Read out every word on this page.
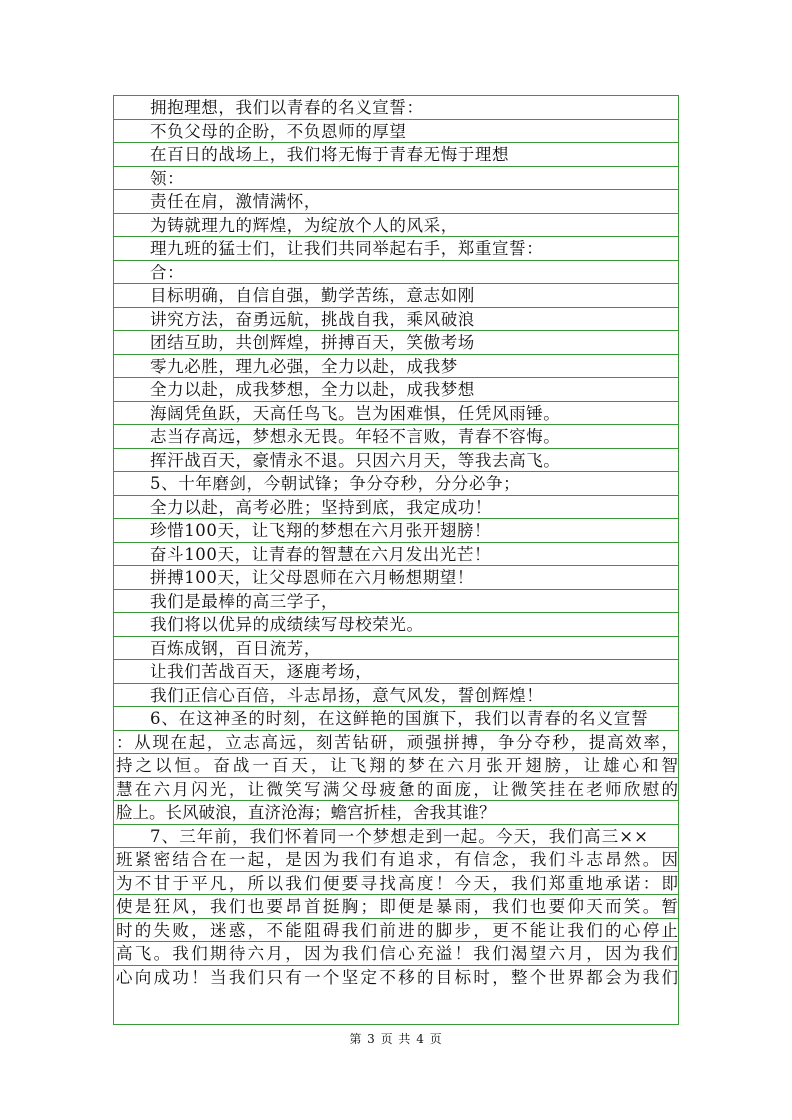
拥抱理想，我们以青春的名义宣誓：
不负父母的企盼，不负恩师的厚望
在百日的战场上，我们将无悔于青春无悔于理想
领：
责任在肩，激情满怀，
为铸就理九的辉煌，为绽放个人的风采，
理九班的猛士们，让我们共同举起右手，郑重宣誓：
合：
目标明确，自信自强，勤学苦练，意志如刚
讲究方法，奋勇远航，挑战自我，乘风破浪
团结互助，共创辉煌，拼搏百天，笑傲考场
零九必胜，理九必强，全力以赴，成我梦
全力以赴，成我梦想，全力以赴，成我梦想
海阔凭鱼跃，天高任鸟飞。岂为困难惧，任凭风雨锤。
志当存高远，梦想永无畏。年轻不言败，青春不容悔。
挥汗战百天，豪情永不退。只因六月天，等我去高飞。
5、十年磨剑，今朝试锋；争分夺秒，分分必争；
全力以赴，高考必胜；坚持到底，我定成功！
珍惜100天，让飞翔的梦想在六月张开翅膀！
奋斗100天，让青春的智慧在六月发出光芒！
拼搏100天，让父母恩师在六月畅想期望！
我们是最棒的高三学子，
我们将以优异的成绩续写母校荣光。
百炼成钢，百日流芳，
让我们苦战百天，逐鹿考场，
我们正信心百倍，斗志昂扬，意气风发，誓创辉煌！
6、在这神圣的时刻，在这鲜艳的国旗下，我们以青春的名义宣誓
：从现在起，立志高远，刻苦钻研，顽强拼搏，争分夺秒，提高效率，
持之以恒。奋战一百天，让飞翔的梦在六月张开翅膀，让雄心和智
慧在六月闪光，让微笑写满父母疲惫的面庞，让微笑挂在老师欣慰的
脸上。长风破浪，直济沧海；蟾宫折桂，舍我其谁？
7、三年前，我们怀着同一个梦想走到一起。今天，我们高三××
班紧密结合在一起，是因为我们有追求，有信念，我们斗志昂然。因
为不甘于平凡，所以我们便要寻找高度！今天，我们郑重地承诺：即
使是狂风，我们也要昂首挺胸；即便是暴雨，我们也要仰天而笑。暂
时的失败，迷惑，不能阻碍我们前进的脚步，更不能让我们的心停止
高飞。我们期待六月，因为我们信心充溢！我们渴望六月，因为我们
心向成功！当我们只有一个坚定不移的目标时，整个世界都会为我们
第 3 页 共 4 页
